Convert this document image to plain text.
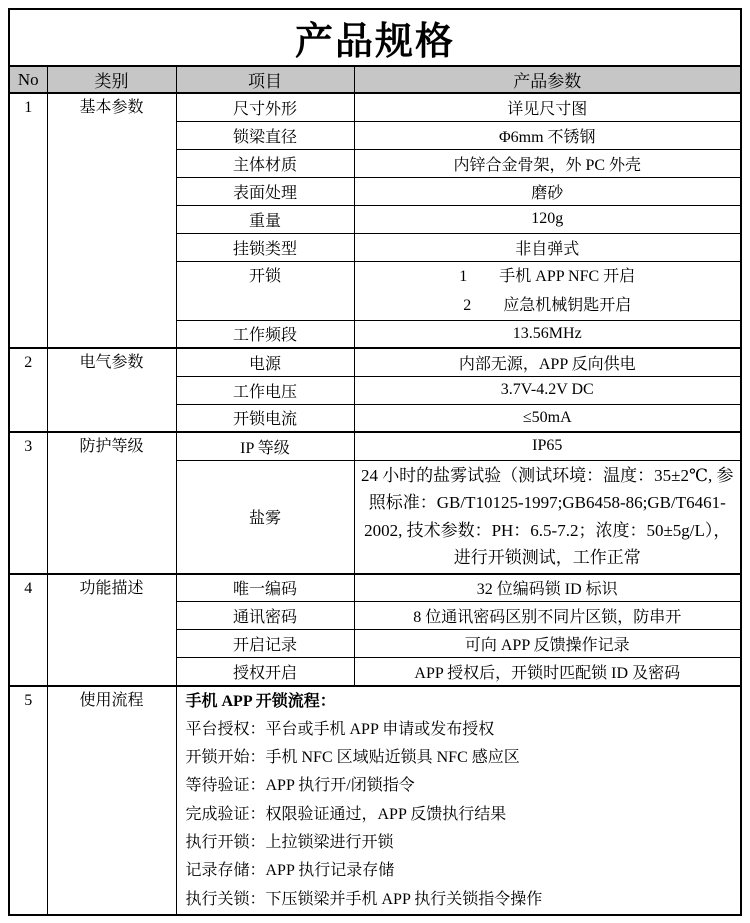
产品规格			
No	类别	项目	产品参数
1	基本参数	尺寸外形	详见尺寸图
		锁梁直径	Φ6mm 不锈钢
		主体材质	内锌合金骨架，外 PC 外壳
		表面处理	磨砂
		重量	120g
		挂锁类型	非自弹式
		开锁	1　　手机 APP NFC 开启
2　　应急机械钥匙开启

		工作频段	13.56MHz
2	电气参数	电源	内部无源，APP 反向供电
		工作电压	3.7V-4.2V DC
		开锁电流	≤50mA
3	防护等级	IP 等级	IP65
		盐雾	24 小时的盐雾试验（测试环境：温度：35±2℃, 参照标准：GB/T10125-1997;GB6458-86;GB/T6461-2002, 技术参数：PH：6.5-7.2；浓度：50±5g/L），进行开锁测试，工作正常
4	功能描述	唯一编码	32 位编码锁 ID 标识
		通讯密码	8 位通讯密码区别不同片区锁，防串开
		开启记录	可向 APP 反馈操作记录
		授权开启	APP 授权后，开锁时匹配锁 ID 及密码
5	使用流程	手机 APP 开锁流程：
平台授权：平台或手机 APP 申请或发布授权
开锁开始：手机 NFC 区域贴近锁具 NFC 感应区
等待验证：APP 执行开/闭锁指令
完成验证：权限验证通过，APP 反馈执行结果
执行开锁：上拉锁梁进行开锁
记录存储：APP 执行记录存储
执行关锁：下压锁梁并手机 APP 执行关锁指令操作
